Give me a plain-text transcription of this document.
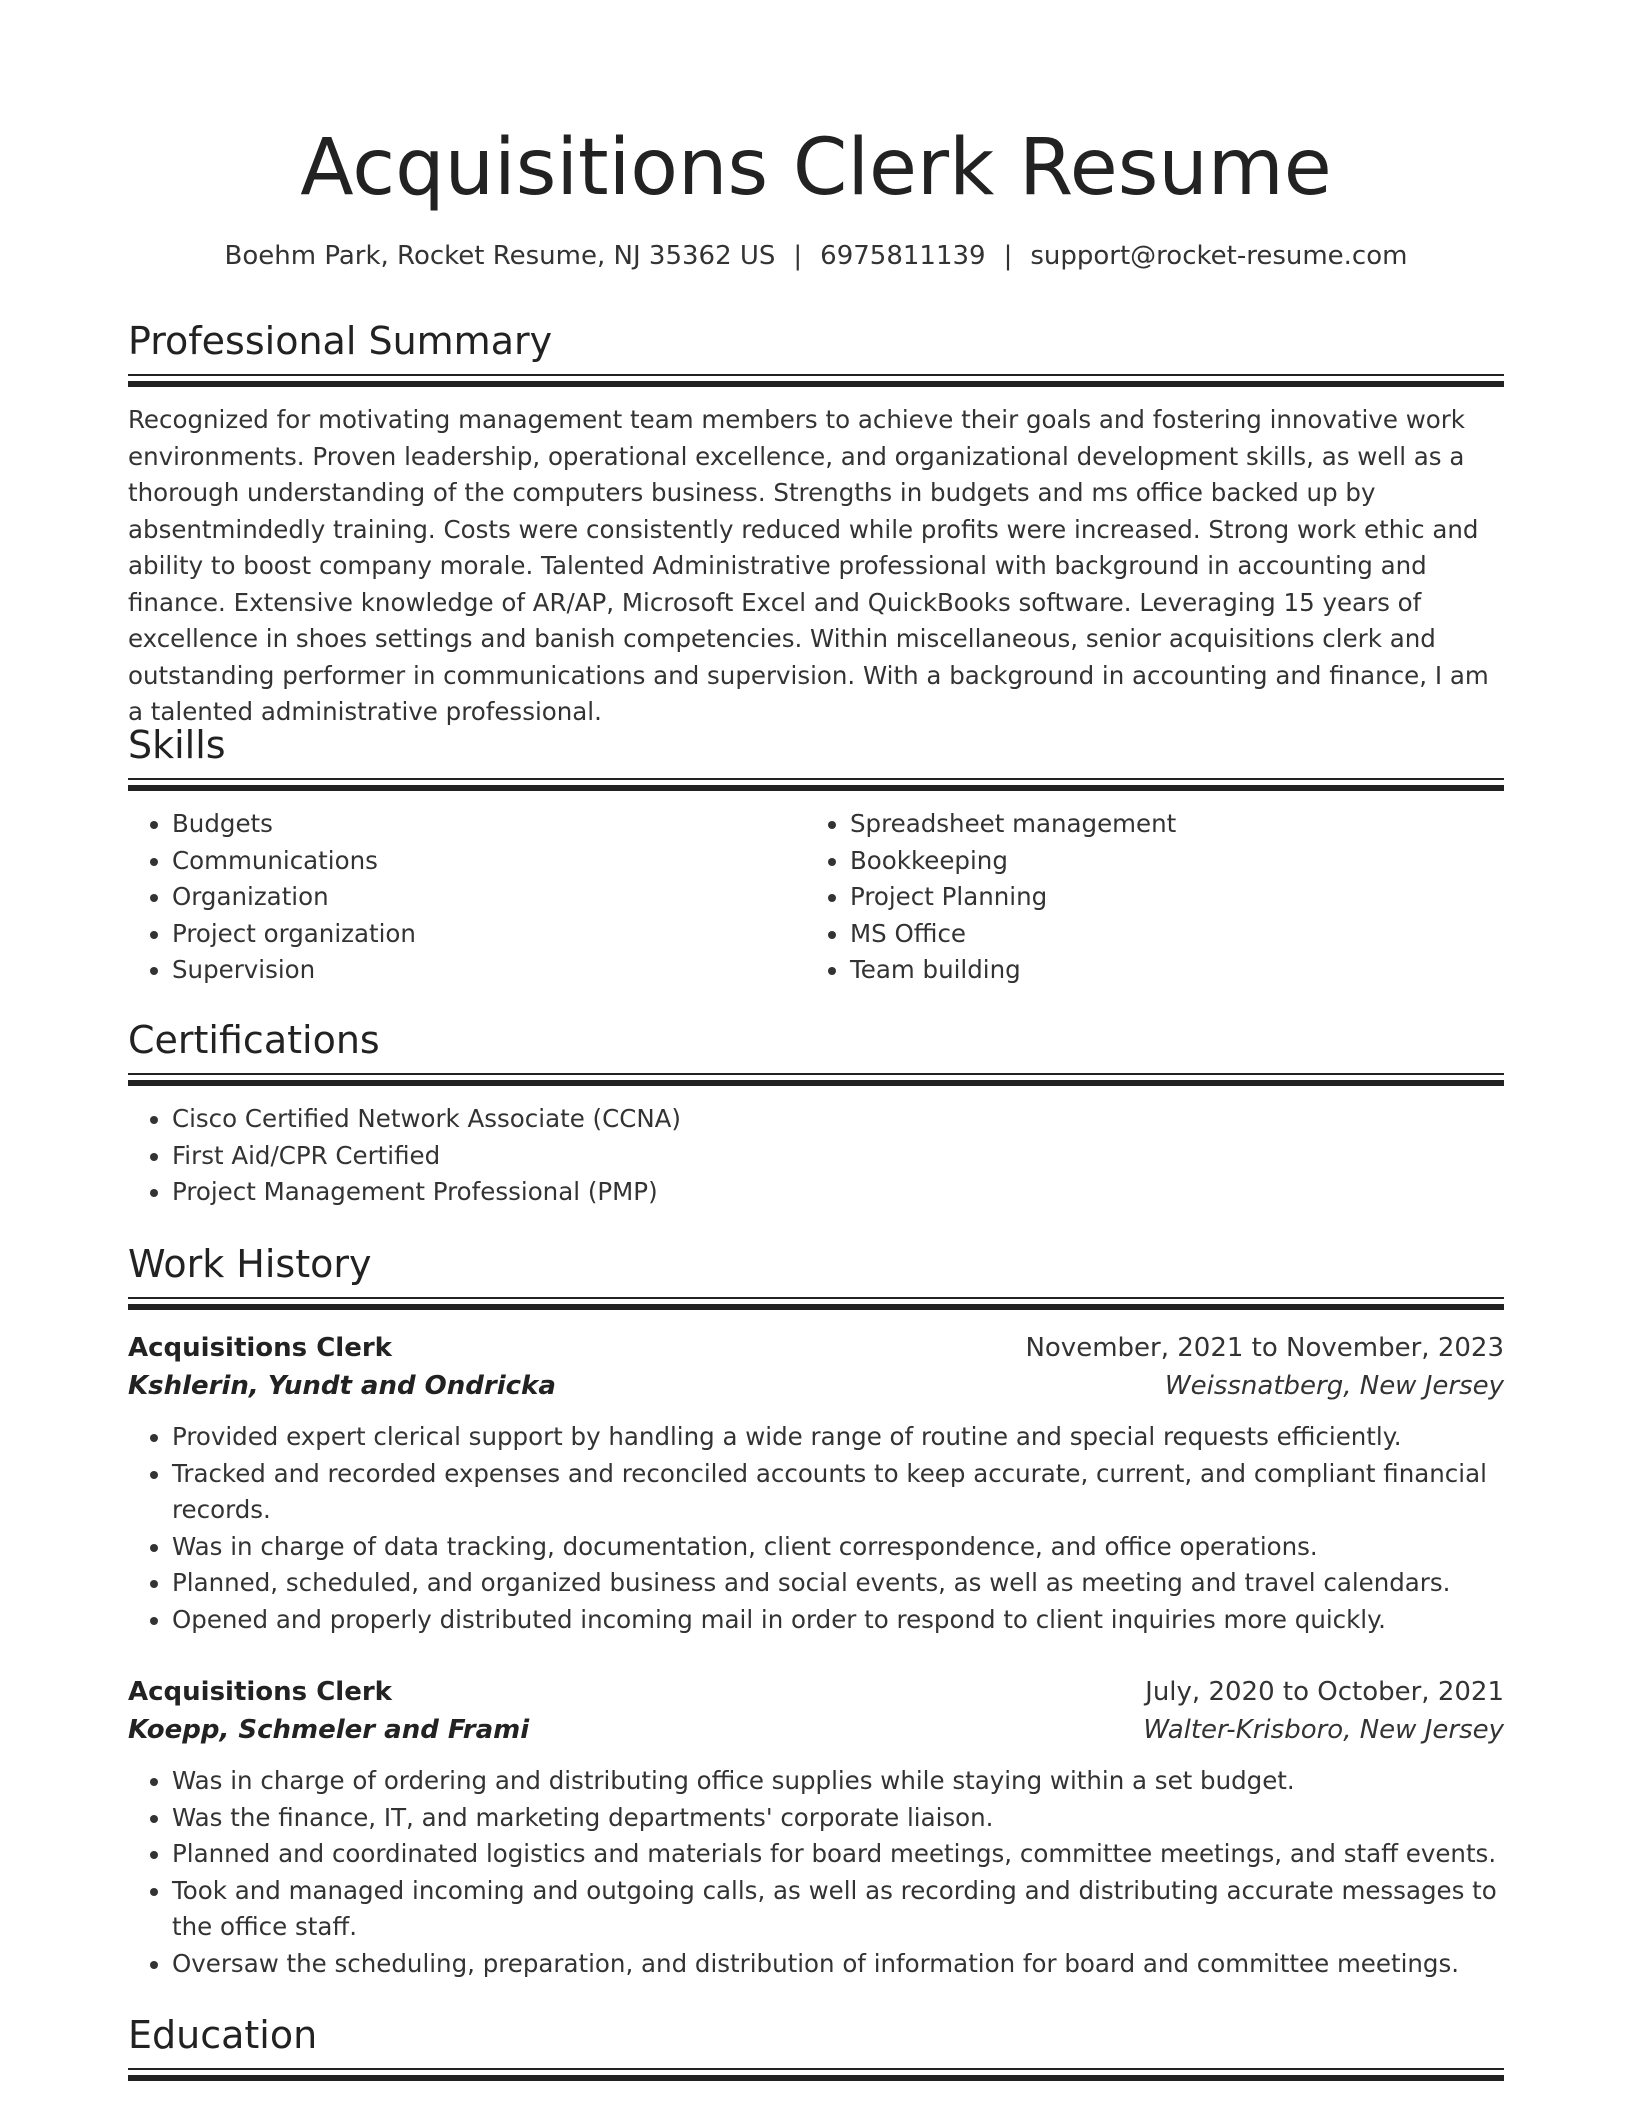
Acquisitions Clerk Resume
Boehm Park, Rocket Resume, NJ 35362 US | 6975811139 | support@rocket-resume.com
Professional Summary

Recognized for motivating management team members to achieve their goals and fostering innovative work environments. Proven leadership, operational excellence, and organizational development skills, as well as a thorough understanding of the computers business. Strengths in budgets and ms office backed up by absentmindedly training. Costs were consistently reduced while profits were increased. Strong work ethic and ability to boost company morale. Talented Administrative professional with background in accounting and finance. Extensive knowledge of AR/AP, Microsoft Excel and QuickBooks software. Leveraging 15 years of excellence in shoes settings and banish competencies. Within miscellaneous, senior acquisitions clerk and outstanding performer in communications and supervision. With a background in accounting and finance, I am a talented administrative professional.

Skills
• Budgets
• Communications
• Organization
• Project organization
• Supervision
• Spreadsheet management
• Bookkeeping
• Project Planning
• MS Office
• Team building
Certifications
• Cisco Certified Network Associate (CCNA)
• First Aid/CPR Certified
• Project Management Professional (PMP)
Work History
Acquisitions Clerk	November, 2021 to November, 2023
Kshlerin, Yundt and Ondricka	Weissnatberg, New Jersey
• Provided expert clerical support by handling a wide range of routine and special requests efficiently.
• Tracked and recorded expenses and reconciled accounts to keep accurate, current, and compliant financial records.
• Was in charge of data tracking, documentation, client correspondence, and office operations.
• Planned, scheduled, and organized business and social events, as well as meeting and travel calendars.
• Opened and properly distributed incoming mail in order to respond to client inquiries more quickly.
Acquisitions Clerk	July, 2020 to October, 2021
Koepp, Schmeler and Frami	Walter-Krisboro, New Jersey
• Was in charge of ordering and distributing office supplies while staying within a set budget.
• Was the finance, IT, and marketing departments' corporate liaison.
• Planned and coordinated logistics and materials for board meetings, committee meetings, and staff events.
• Took and managed incoming and outgoing calls, as well as recording and distributing accurate messages to the office staff.
• Oversaw the scheduling, preparation, and distribution of information for board and committee meetings.
Education
